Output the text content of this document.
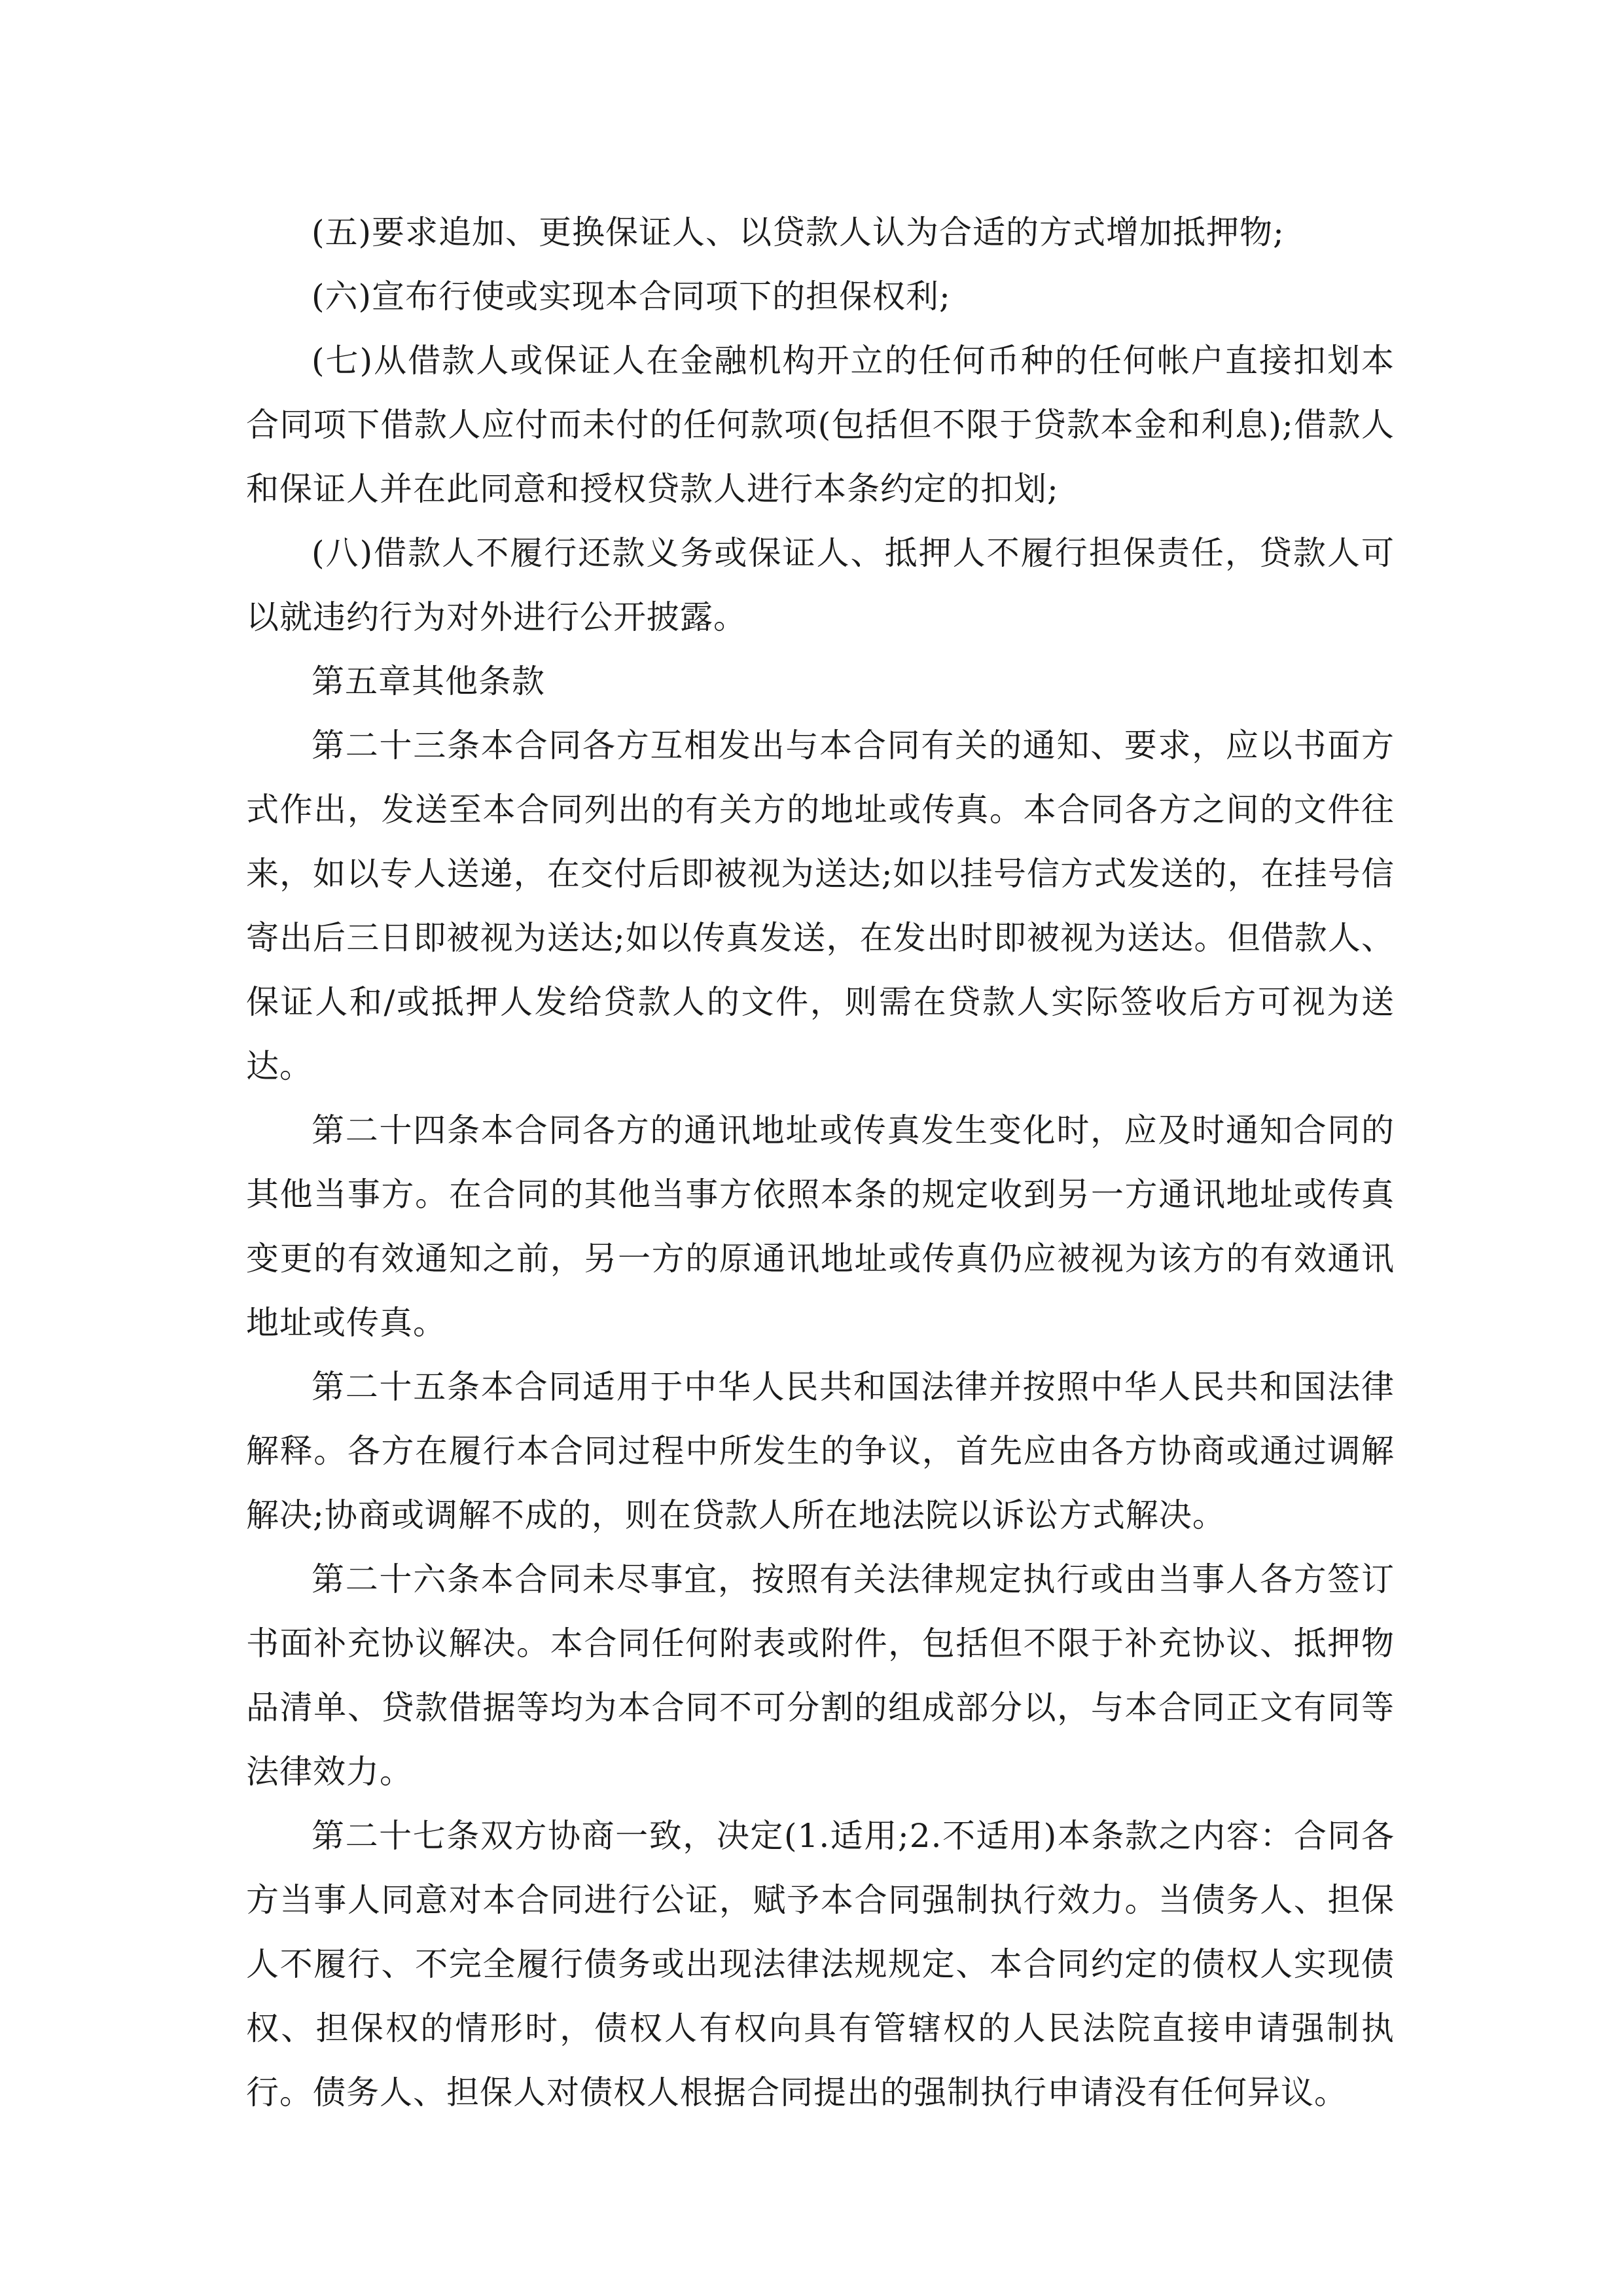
(五)要求追加、更换保证人、以贷款人认为合适的方式增加抵押物;

(六)宣布行使或实现本合同项下的担保权利;

(七)从借款人或保证人在金融机构开立的任何币种的任何帐户直接扣划本合同项下借款人应付而未付的任何款项(包括但不限于贷款本金和利息);借款人和保证人并在此同意和授权贷款人进行本条约定的扣划;

(八)借款人不履行还款义务或保证人、抵押人不履行担保责任，贷款人可以就违约行为对外进行公开披露。

第五章其他条款

第二十三条本合同各方互相发出与本合同有关的通知、要求，应以书面方式作出，发送至本合同列出的有关方的地址或传真。本合同各方之间的文件往来，如以专人送递，在交付后即被视为送达;如以挂号信方式发送的，在挂号信寄出后三日即被视为送达;如以传真发送，在发出时即被视为送达。但借款人、保证人和/或抵押人发给贷款人的文件，则需在贷款人实际签收后方可视为送达。

第二十四条本合同各方的通讯地址或传真发生变化时，应及时通知合同的其他当事方。在合同的其他当事方依照本条的规定收到另一方通讯地址或传真变更的有效通知之前，另一方的原通讯地址或传真仍应被视为该方的有效通讯地址或传真。

第二十五条本合同适用于中华人民共和国法律并按照中华人民共和国法律解释。各方在履行本合同过程中所发生的争议，首先应由各方协商或通过调解解决;协商或调解不成的，则在贷款人所在地法院以诉讼方式解决。

第二十六条本合同未尽事宜，按照有关法律规定执行或由当事人各方签订书面补充协议解决。本合同任何附表或附件，包括但不限于补充协议、抵押物品清单、贷款借据等均为本合同不可分割的组成部分以，与本合同正文有同等法律效力。

第二十七条双方协商一致，决定(1.适用;2.不适用)本条款之内容：合同各方当事人同意对本合同进行公证，赋予本合同强制执行效力。当债务人、担保人不履行、不完全履行债务或出现法律法规规定、本合同约定的债权人实现债权、担保权的情形时，债权人有权向具有管辖权的人民法院直接申请强制执行。债务人、担保人对债权人根据合同提出的强制执行申请没有任何异议。
